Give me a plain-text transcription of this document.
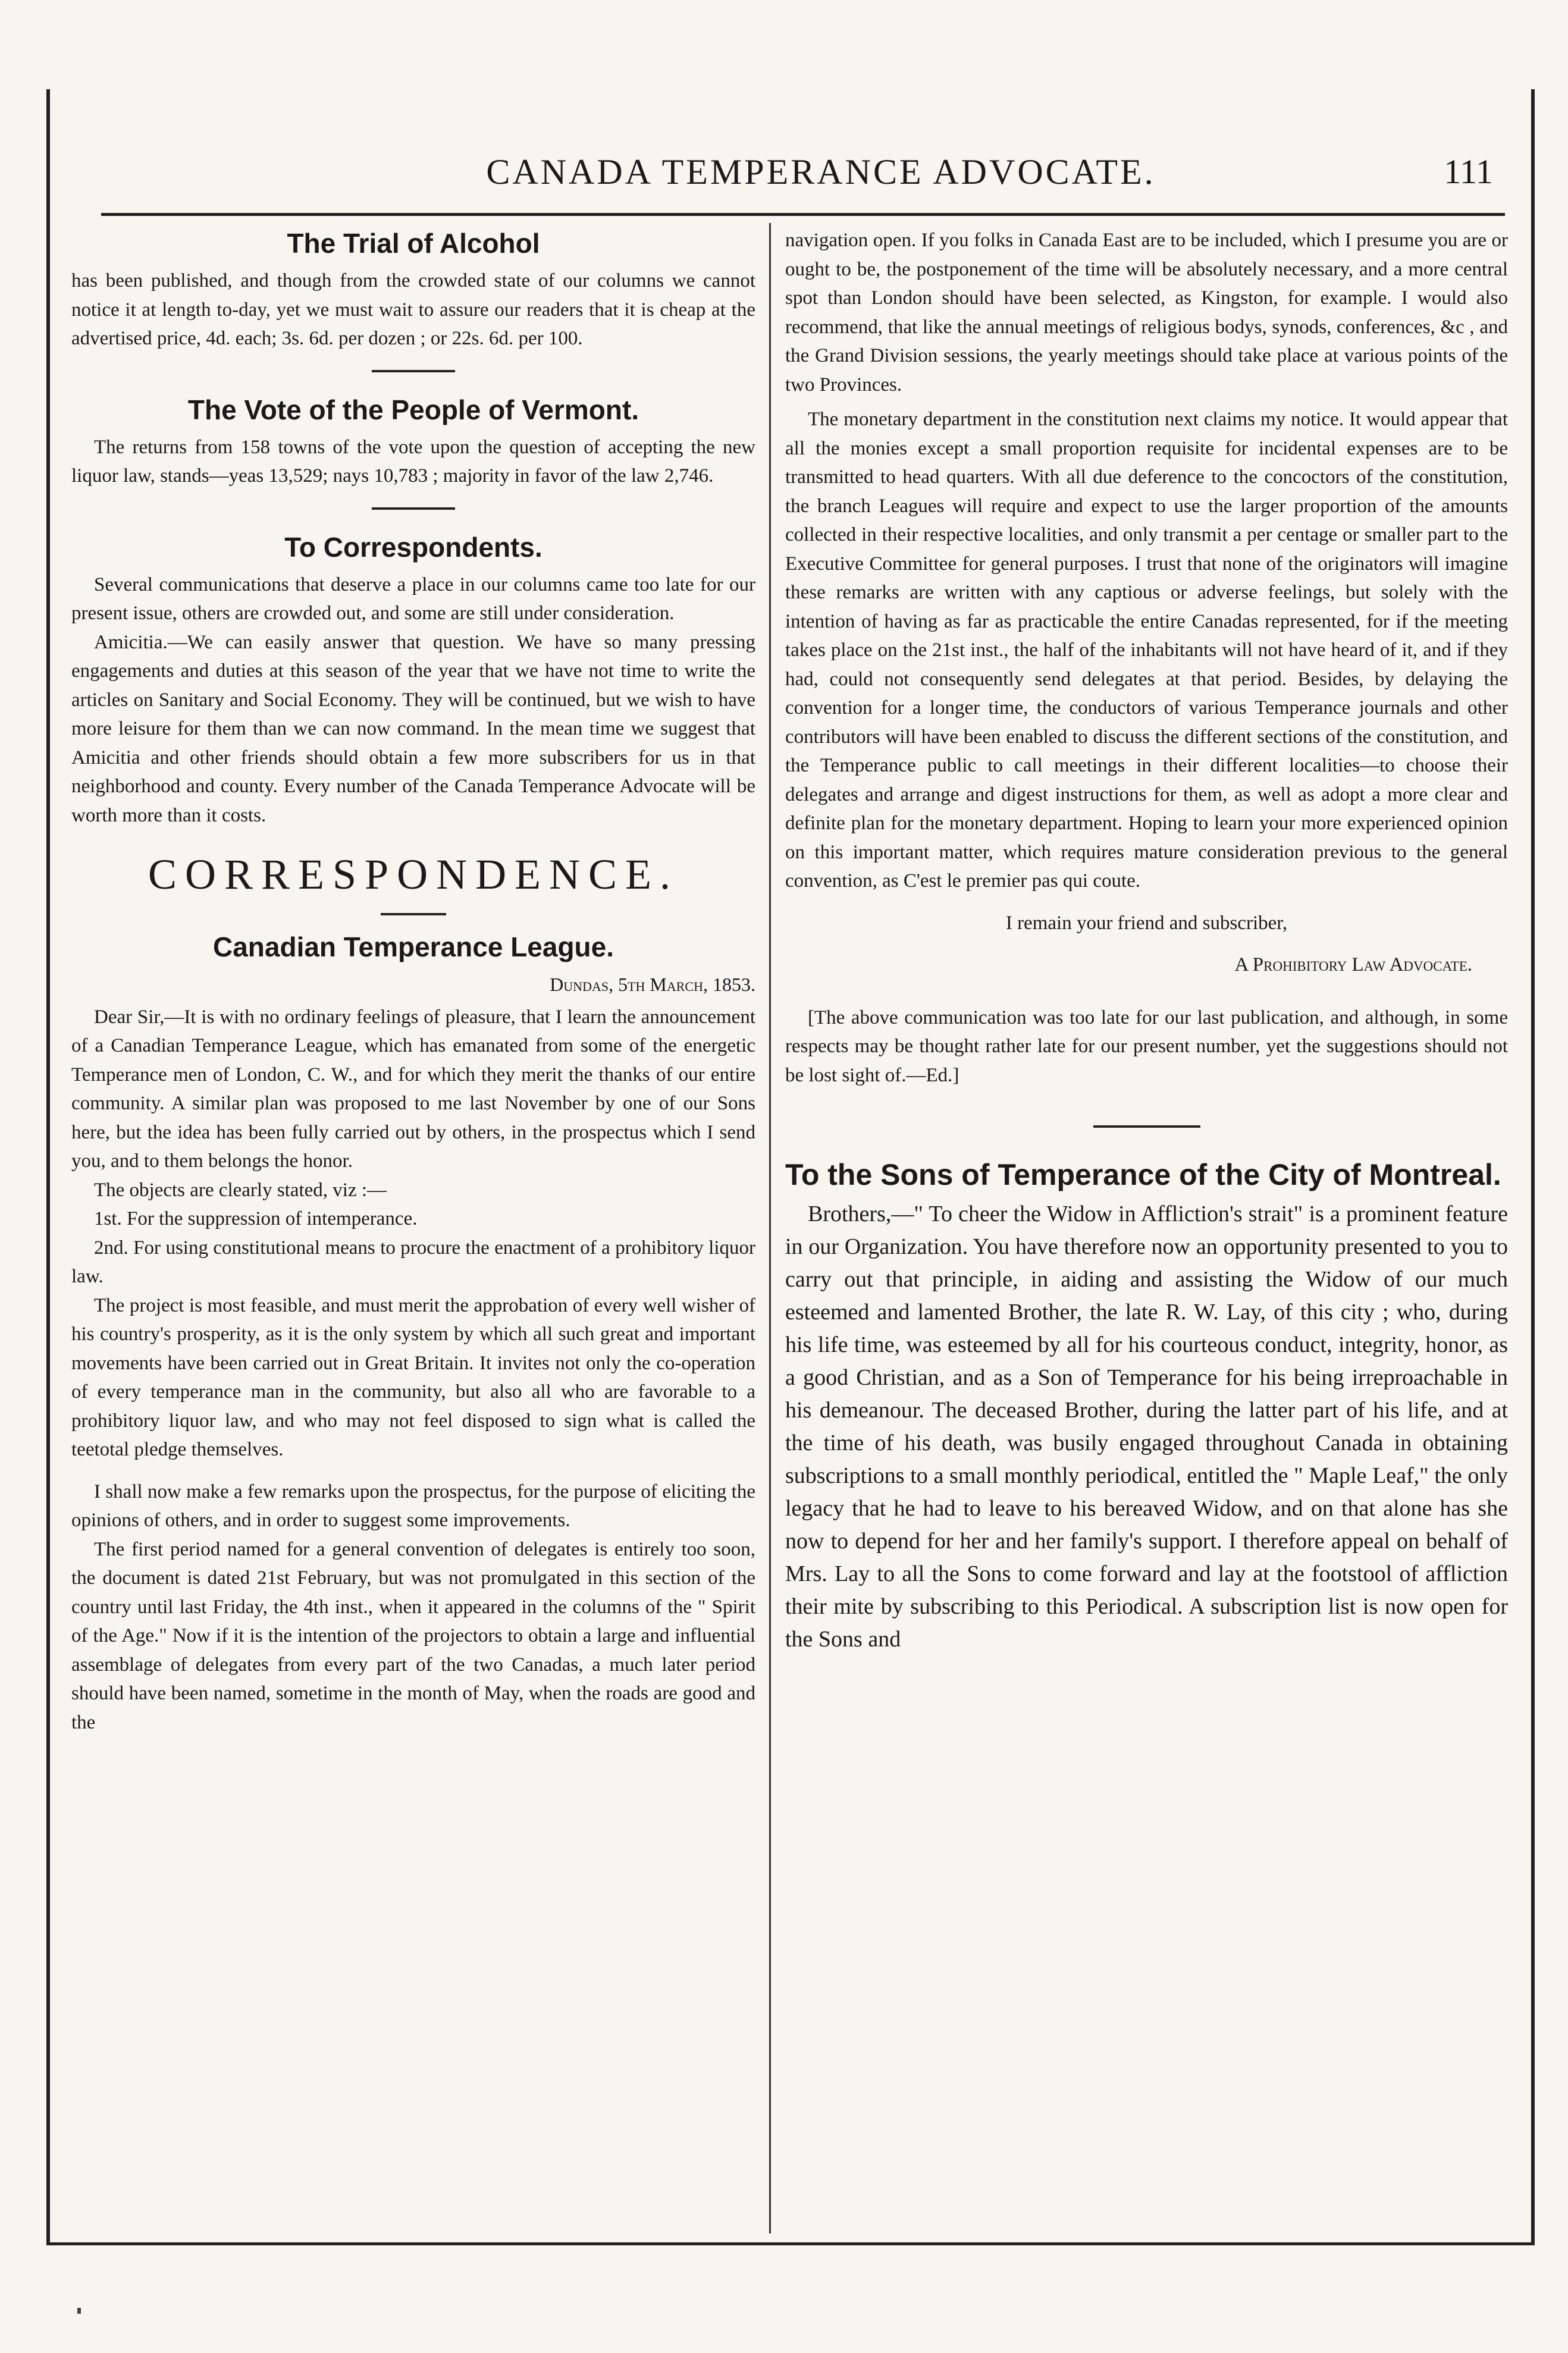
CANADA TEMPERANCE ADVOCATE.	111
The Trial of Alcohol

has been published, and though from the crowded state of our columns we cannot notice it at length to-day, yet we must wait to assure our readers that it is cheap at the advertised price, 4d. each; 3s. 6d. per dozen ; or 22s. 6d. per 100.

The Vote of the People of Vermont.

The returns from 158 towns of the vote upon the question of accepting the new liquor law, stands—yeas 13,529; nays 10,783 ; majority in favor of the law 2,746.

To Correspondents.

Several communications that deserve a place in our columns came too late for our present issue, others are crowded out, and some are still under consideration.

Amicitia.—We can easily answer that question. We have so many pressing engagements and duties at this season of the year that we have not time to write the articles on Sanitary and Social Economy. They will be continued, but we wish to have more leisure for them than we can now command. In the mean time we suggest that Amicitia and other friends should obtain a few more subscribers for us in that neighborhood and county. Every number of the Canada Temperance Advocate will be worth more than it costs.

CORRESPONDENCE.
Canadian Temperance League.
Dundas, 5th March, 1853.

Dear Sir,—It is with no ordinary feelings of pleasure, that I learn the announcement of a Canadian Temperance League, which has emanated from some of the energetic Temperance men of London, C. W., and for which they merit the thanks of our entire community. A similar plan was proposed to me last November by one of our Sons here, but the idea has been fully carried out by others, in the prospectus which I send you, and to them belongs the honor.

The objects are clearly stated, viz :—

1st. For the suppression of intemperance.

2nd. For using constitutional means to procure the enactment of a prohibitory liquor law.

The project is most feasible, and must merit the approbation of every well wisher of his country's prosperity, as it is the only system by which all such great and important movements have been carried out in Great Britain. It invites not only the co-operation of every temperance man in the community, but also all who are favorable to a prohibitory liquor law, and who may not feel disposed to sign what is called the teetotal pledge themselves.

I shall now make a few remarks upon the prospectus, for the purpose of eliciting the opinions of others, and in order to suggest some improvements.

The first period named for a general convention of delegates is entirely too soon, the document is dated 21st February, but was not promulgated in this section of the country until last Friday, the 4th inst., when it appeared in the columns of the " Spirit of the Age." Now if it is the intention of the projectors to obtain a large and influential assemblage of delegates from every part of the two Canadas, a much later period should have been named, sometime in the month of May, when the roads are good and the

navigation open. If you folks in Canada East are to be included, which I presume you are or ought to be, the postponement of the time will be absolutely necessary, and a more central spot than London should have been selected, as Kingston, for example. I would also recommend, that like the annual meetings of religious bodys, synods, conferences, &c , and the Grand Division sessions, the yearly meetings should take place at various points of the two Provinces.

The monetary department in the constitution next claims my notice. It would appear that all the monies except a small proportion requisite for incidental expenses are to be transmitted to head quarters. With all due deference to the concoctors of the constitution, the branch Leagues will require and expect to use the larger proportion of the amounts collected in their respective localities, and only transmit a per centage or smaller part to the Executive Committee for general purposes. I trust that none of the originators will imagine these remarks are written with any captious or adverse feelings, but solely with the intention of having as far as practicable the entire Canadas represented, for if the meeting takes place on the 21st inst., the half of the inhabitants will not have heard of it, and if they had, could not consequently send delegates at that period. Besides, by delaying the convention for a longer time, the conductors of various Temperance journals and other contributors will have been enabled to discuss the different sections of the constitution, and the Temperance public to call meetings in their different localities—to choose their delegates and arrange and digest instructions for them, as well as adopt a more clear and definite plan for the monetary department. Hoping to learn your more experienced opinion on this important matter, which requires mature consideration previous to the general convention, as C'est le premier pas qui coute.

I remain your friend and subscriber,

A Prohibitory Law Advocate.

[The above communication was too late for our last publication, and although, in some respects may be thought rather late for our present number, yet the suggestions should not be lost sight of.—Ed.]

To the Sons of Temperance of the City of Montreal.

Brothers,—" To cheer the Widow in Affliction's strait" is a prominent feature in our Organization. You have therefore now an opportunity presented to you to carry out that principle, in aiding and assisting the Widow of our much esteemed and lamented Brother, the late R. W. Lay, of this city ; who, during his life time, was esteemed by all for his courteous conduct, integrity, honor, as a good Christian, and as a Son of Temperance for his being irreproachable in his demeanour. The deceased Brother, during the latter part of his life, and at the time of his death, was busily engaged throughout Canada in obtaining subscriptions to a small monthly periodical, entitled the " Maple Leaf," the only legacy that he had to leave to his bereaved Widow, and on that alone has she now to depend for her and her family's support. I therefore appeal on behalf of Mrs. Lay to all the Sons to come forward and lay at the footstool of affliction their mite by subscribing to this Periodical. A subscription list is now open for the Sons and
